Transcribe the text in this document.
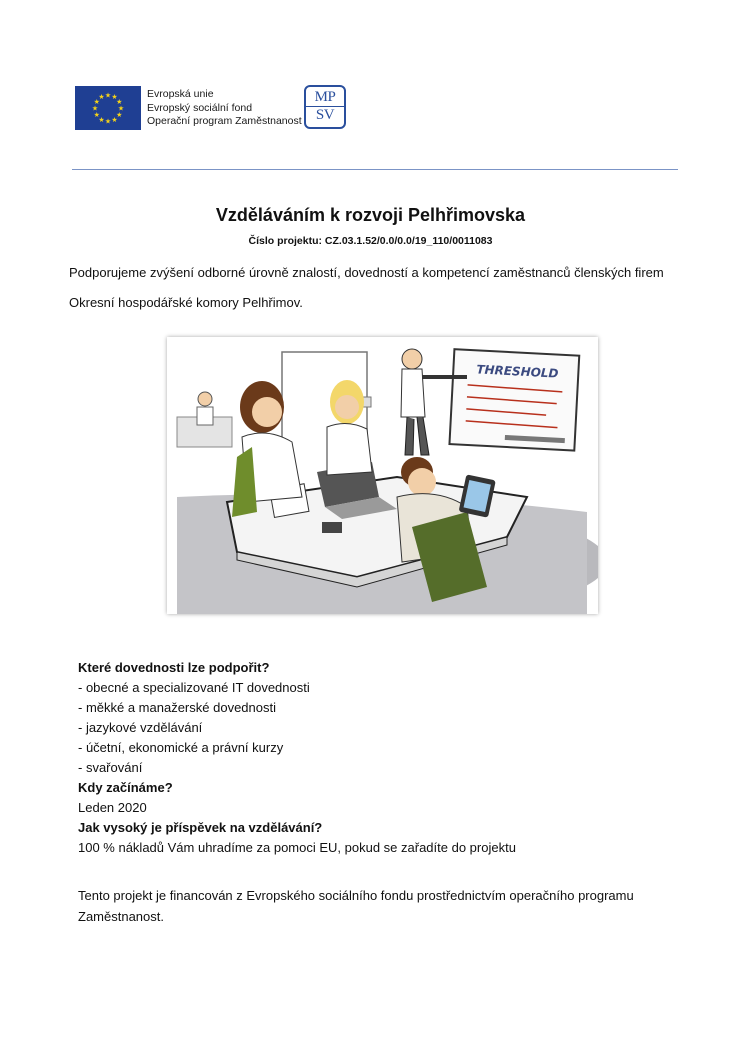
★
★
★
★
★
★
★
★
★ ★ ★
★
Evropská unie
Evropský sociální fond
Operační program Zaměstnanost
MP
SV
Vzděláváním k rozvoji Pelhřimovska
Číslo projektu: CZ.03.1.52/0.0/0.0/19_110/0011083
Podporujeme zvýšení odborné úrovně znalostí, dovedností a kompetencí zaměstnanců členských firem Okresní hospodářské komory Pelhřimov.
THRESHOLD
Které dovednosti lze podpořit?
- obecné a specializované IT dovednosti
- měkké a manažerské dovednosti
- jazykové vzdělávání
- účetní, ekonomické a právní kurzy
- svařování
Kdy začínáme?
Leden 2020
Jak vysoký je příspěvek na vzdělávání?
100 % nákladů Vám uhradíme za pomoci EU, pokud se zařadíte do projektu
Tento projekt je financován z Evropského sociálního fondu prostřednictvím operačního programu Zaměstnanost.
